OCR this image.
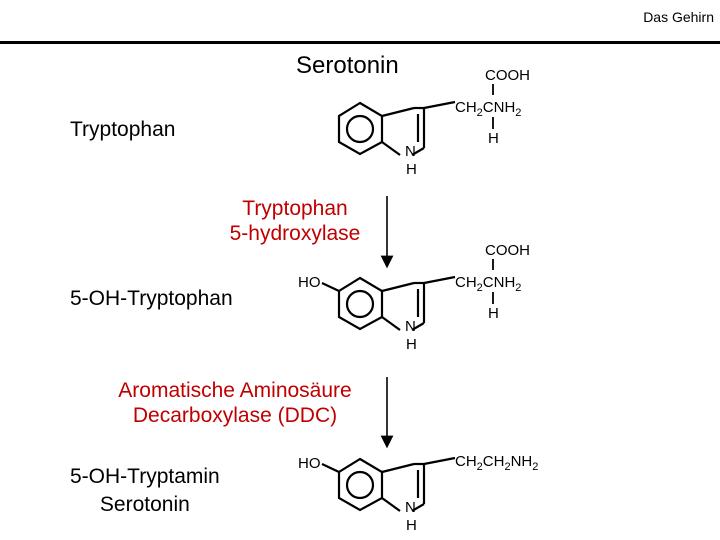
Das Gehirn
Serotonin
Tryptophan
5-OH-Tryptophan
5-OH-Tryptamin
Serotonin
Tryptophan
5-hydroxylase
Aromatische Aminosäure
Decarboxylase (DDC)
N
H
COOH
$CH_2CNH_2$
H
HO
N
H
COOH
$CH_2CNH_2$
H
HO
N
H
$CH_2CH_2NH_2$
